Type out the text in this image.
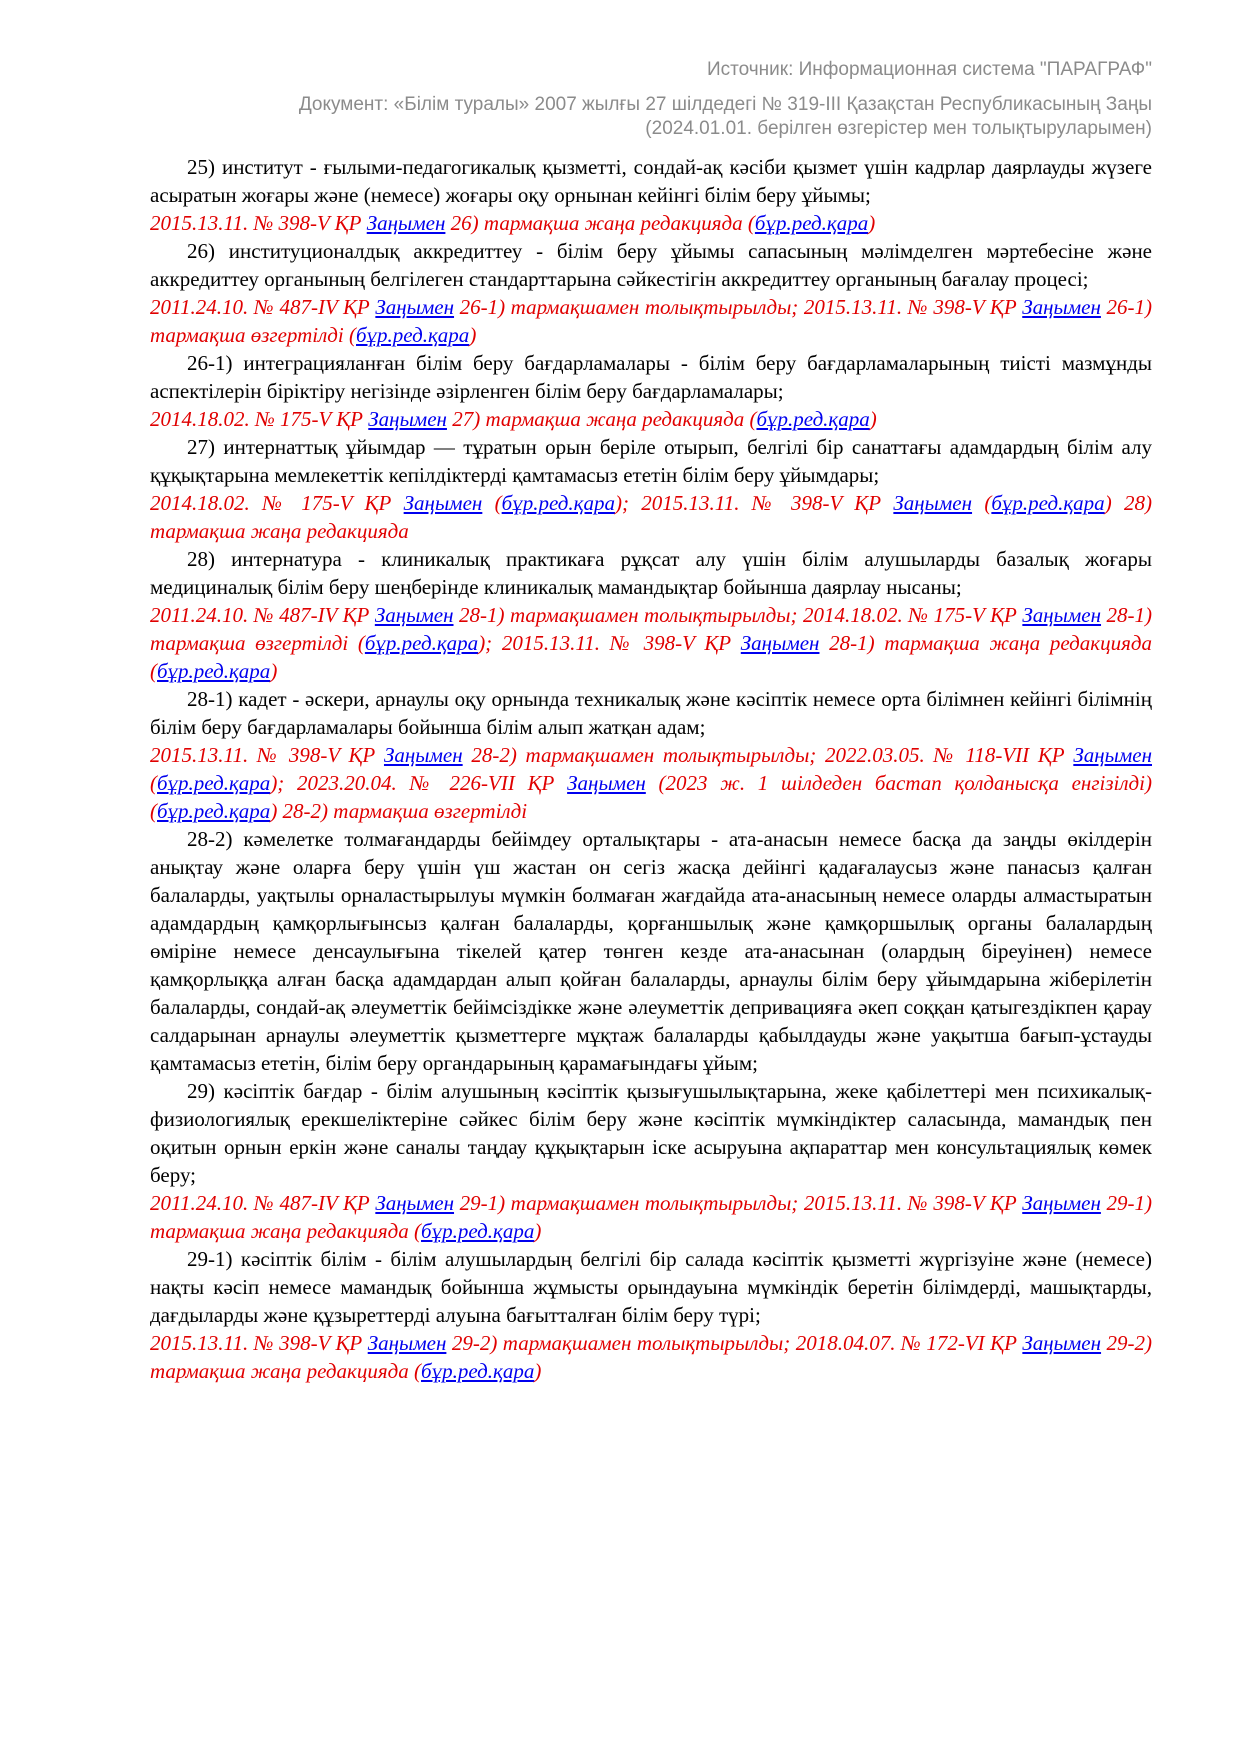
Источник: Информационная система "ПАРАГРАФ"
Документ: «Білім туралы» 2007 жылғы 27 шілдедегі № 319-III Қазақстан Республикасының Заңы
(2024.01.01. берілген өзгерістер мен толықтыруларымен)

25) институт - ғылыми-педагогикалық қызметті, сондай-ақ кәсіби қызмет үшін кадрлар даярлауды жүзеге асыратын жоғары және (немесе) жоғары оқу орнынан кейінгі білім беру ұйымы;

2015.13.11. № 398-V ҚР Заңымен 26) тармақша жаңа редакцияда (бұр.ред.қара)

26) институционалдық аккредиттеу - білім беру ұйымы сапасының мәлімделген мәртебесіне және аккредиттеу органының белгілеген стандарттарына сәйкестігін аккредиттеу органының бағалау процесі;

2011.24.10. № 487-IV ҚР Заңымен 26-1) тармақшамен толықтырылды; 2015.13.11. № 398-V ҚР Заңымен 26-1) тармақша өзгертілді (бұр.ред.қара)

26-1) интеграцияланған білім беру бағдарламалары - білім беру бағдарламаларының тиісті мазмұнды аспектілерін біріктіру негізінде әзірленген білім беру бағдарламалары;

2014.18.02. № 175-V ҚР Заңымен 27) тармақша жаңа редакцияда (бұр.ред.қара)

27) интернаттық ұйымдар — тұратын орын беріле отырып, белгілі бір санаттағы адамдардың білім алу құқықтарына мемлекеттік кепілдіктерді қамтамасыз ететін білім беру ұйымдары;

2014.18.02. № 175-V ҚР Заңымен (бұр.ред.қара); 2015.13.11. № 398-V ҚР Заңымен (бұр.ред.қара) 28) тармақша жаңа редакцияда

28) интернатура - клиникалық практикаға рұқсат алу үшін білім алушыларды базалық жоғары медициналық білім беру шеңберінде клиникалық мамандықтар бойынша даярлау нысаны;

2011.24.10. № 487-IV ҚР Заңымен 28-1) тармақшамен толықтырылды; 2014.18.02. № 175-V ҚР Заңымен 28-1) тармақша өзгертілді (бұр.ред.қара); 2015.13.11. № 398-V ҚР Заңымен 28-1) тармақша жаңа редакцияда (бұр.ред.қара)

28-1) кадет - әскери, арнаулы оқу орнында техникалық және кәсіптік немесе орта білімнен кейінгі білімнің білім беру бағдарламалары бойынша білім алып жатқан адам;

2015.13.11. № 398-V ҚР Заңымен 28-2) тармақшамен толықтырылды; 2022.03.05. № 118-VII ҚР Заңымен (бұр.ред.қара); 2023.20.04. № 226-VII ҚР Заңымен (2023 ж. 1 шілдеден бастап қолданысқа енгізілді) (бұр.ред.қара) 28-2) тармақша өзгертілді

28-2) кәмелетке толмағандарды бейімдеу орталықтары - ата-анасын немесе басқа да заңды өкілдерін анықтау және оларға беру үшін үш жастан он сегіз жасқа дейінгі қадағалаусыз және панасыз қалған балаларды, уақтылы орналастырылуы мүмкін болмаған жағдайда ата-анасының немесе оларды алмастыратын адамдардың қамқорлығынсыз қалған балаларды, қорғаншылық және қамқоршылық органы балалардың өміріне немесе денсаулығына тікелей қатер төнген кезде ата-анасынан (олардың біреуінен) немесе қамқорлыққа алған басқа адамдардан алып қойған балаларды, арнаулы білім беру ұйымдарына жіберілетін балаларды, сондай-ақ әлеуметтік бейімсіздікке және әлеуметтік депривацияға әкеп соққан қатыгездікпен қарау салдарынан арнаулы әлеуметтік қызметтерге мұқтаж балаларды қабылдауды және уақытша бағып-ұстауды қамтамасыз ететін, білім беру органдарының қарамағындағы ұйым;

29) кәсіптік бағдар - білім алушының кәсіптік қызығушылықтарына, жеке қабілеттері мен психикалық-физиологиялық ерекшеліктеріне сәйкес білім беру және кәсіптік мүмкіндіктер саласында, мамандық пен оқитын орнын еркін және саналы таңдау құқықтарын іске асыруына ақпараттар мен консультациялық көмек беру;

2011.24.10. № 487-IV ҚР Заңымен 29-1) тармақшамен толықтырылды; 2015.13.11. № 398-V ҚР Заңымен 29-1) тармақша жаңа редакцияда (бұр.ред.қара)

29-1) кәсіптік білім - білім алушылардың белгілі бір салада кәсіптік қызметті жүргізуіне және (немесе) нақты кәсіп немесе мамандық бойынша жұмысты орындауына мүмкіндік беретін білімдерді, машықтарды, дағдыларды және құзыреттерді алуына бағытталған білім беру түрі;

2015.13.11. № 398-V ҚР Заңымен 29-2) тармақшамен толықтырылды; 2018.04.07. № 172-VI ҚР Заңымен 29-2) тармақша жаңа редакцияда (бұр.ред.қара)
